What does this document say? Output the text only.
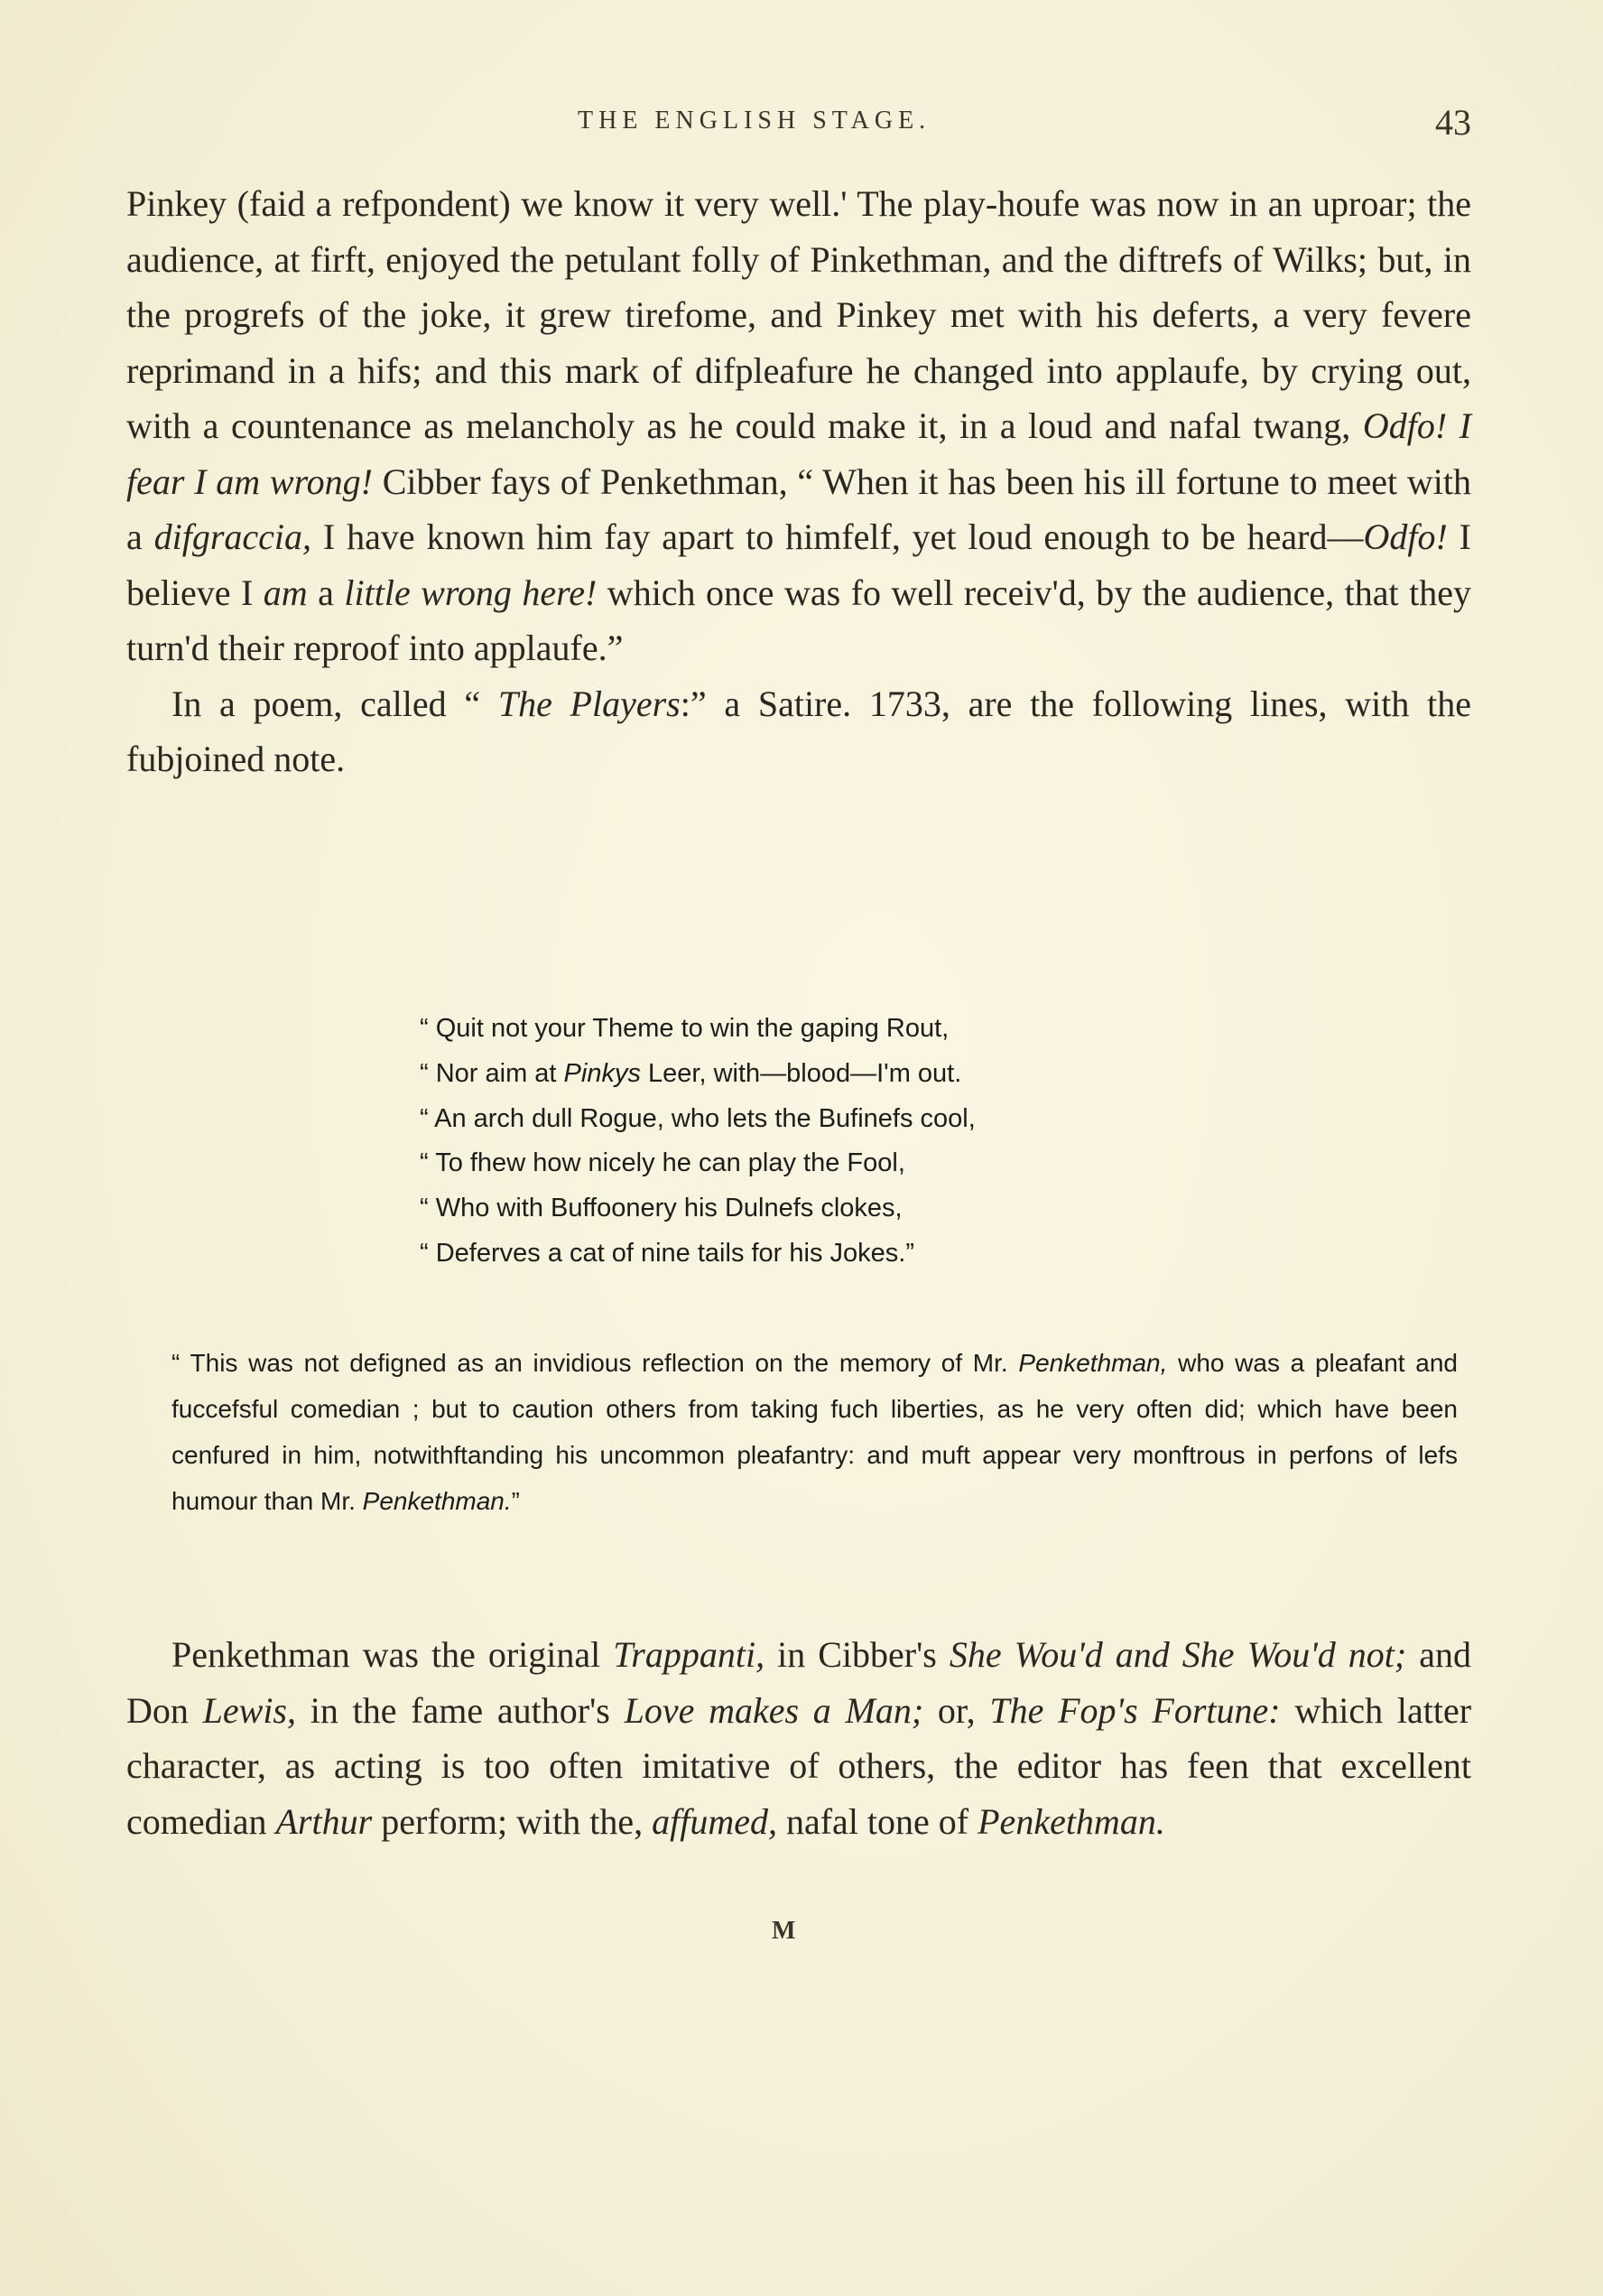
THE ENGLISH STAGE.	43

Pinkey (faid a refpondent) we know it very well.' The play-houfe was now in an uproar; the audience, at firft, enjoyed the petulant folly of Pinkethman, and the diftrefs of Wilks; but, in the progrefs of the joke, it grew tirefome, and Pinkey met with his deferts, a very fevere reprimand in a hifs; and this mark of difpleafure he changed into applaufe, by crying out, with a countenance as melancholy as he could make it, in a loud and nafal twang, Odfo! I fear I am wrong! Cibber fays of Penkethman, “ When it has been his ill fortune to meet with a difgraccia, I have known him fay apart to himfelf, yet loud enough to be heard—Odfo! I believe I am a little wrong here! which once was fo well receiv'd, by the audience, that they turn'd their reproof into applaufe.”

In a poem, called “ The Players:” a Satire. 1733, are the following lines, with the fubjoined note.

“ Quit not your Theme to win the gaping Rout,
“ Nor aim at Pinkys Leer, with—blood—I'm out.
“ An arch dull Rogue, who lets the Bufinefs cool,
“ To fhew how nicely he can play the Fool,
“ Who with Buffoonery his Dulnefs clokes,
“ Deferves a cat of nine tails for his Jokes.”
“ This was not defigned as an invidious reflection on the memory of Mr. Penkethman, who was a pleafant and fuccefsful comedian ; but to caution others from taking fuch liberties, as he very often did; which have been cenfured in him, notwithftanding his uncommon pleafantry: and muft appear very monftrous in perfons of lefs humour than Mr. Penkethman.”

Penkethman was the original Trappanti, in Cibber's She Wou'd and She Wou'd not; and Don Lewis, in the fame author's Love makes a Man; or, The Fop's Fortune: which latter character, as acting is too often imitative of others, the editor has feen that excellent comedian Arthur perform; with the, affumed, nafal tone of Penkethman.

M
